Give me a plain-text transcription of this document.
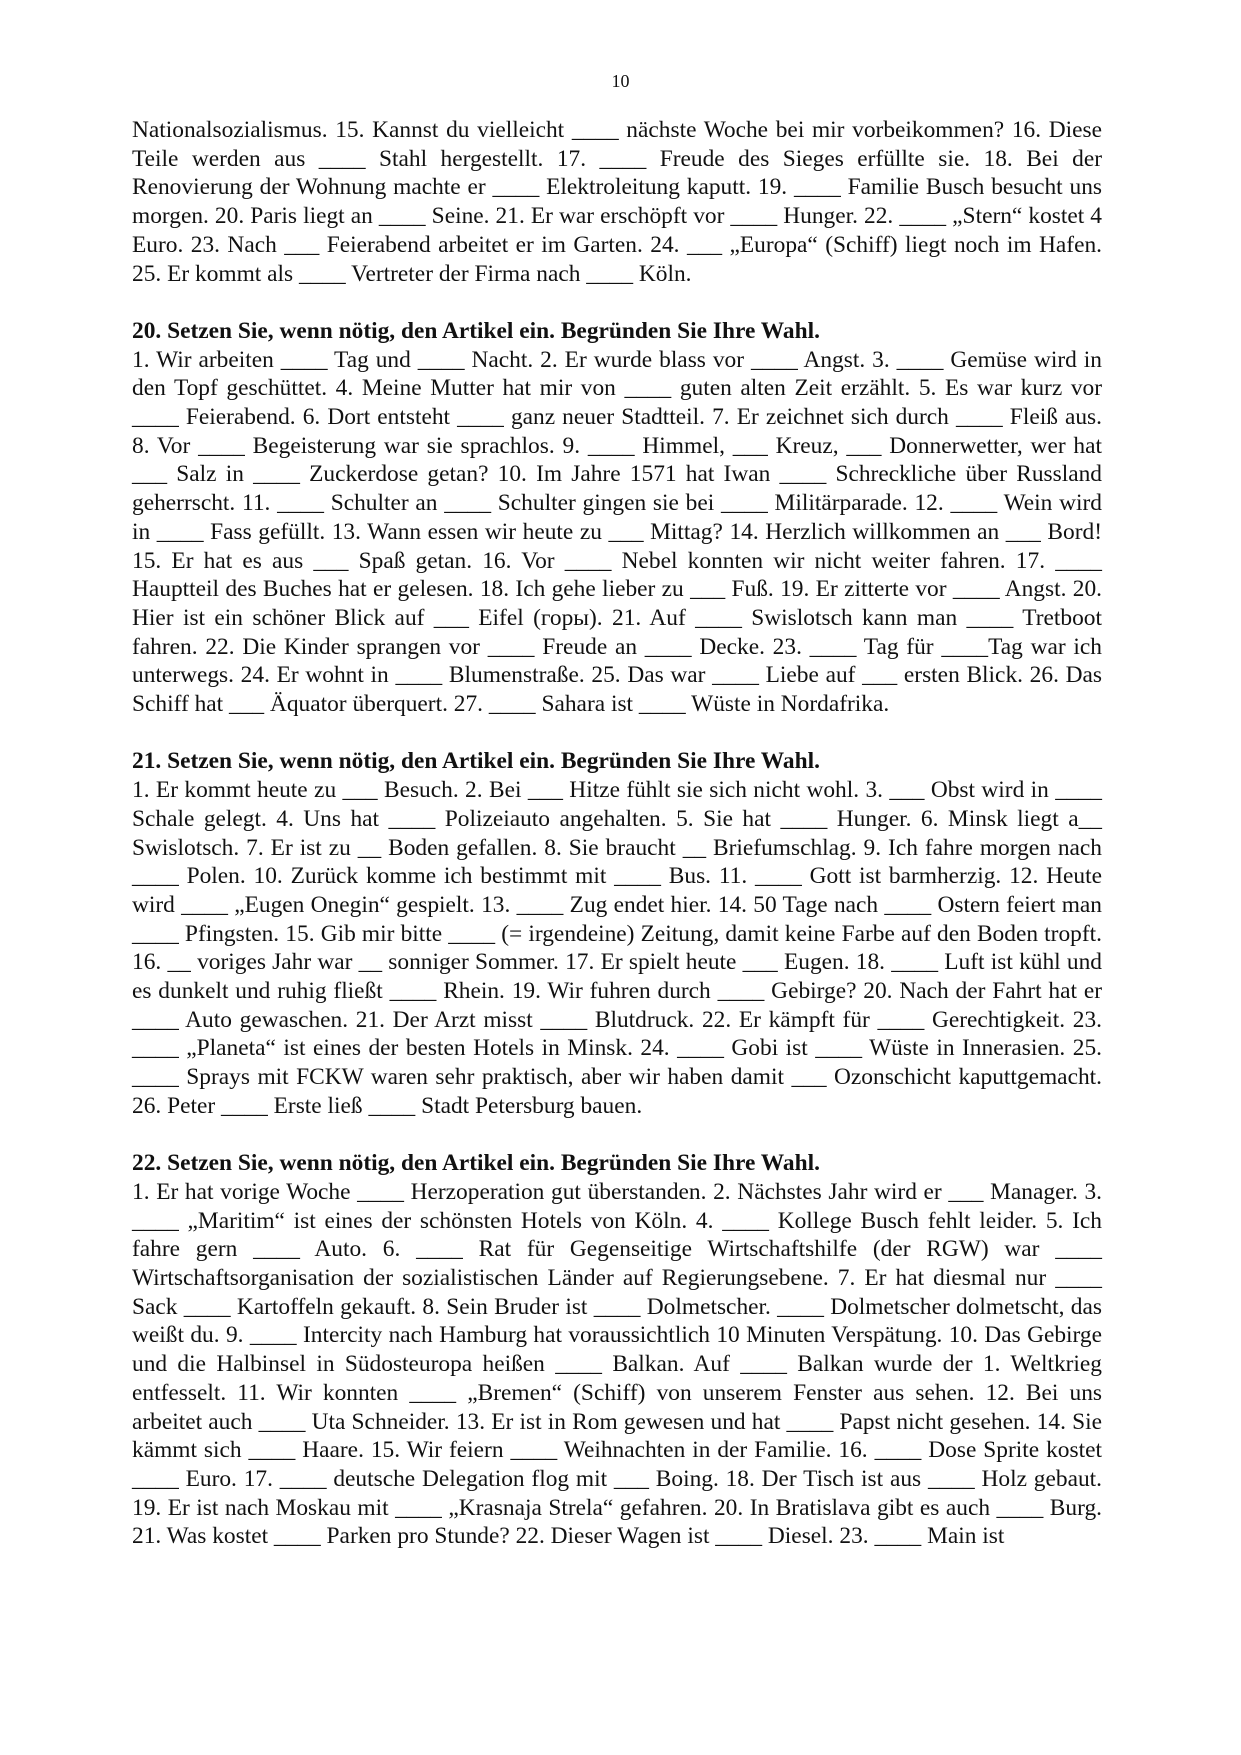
10

Nationalsozialismus. 15. Kannst du vielleicht ____ nächste Woche bei mir vorbeikommen? 16. Diese Teile werden aus ____ Stahl hergestellt. 17. ____ Freude des Sieges erfüllte sie. 18. Bei der Renovierung der Wohnung machte er ____ Elektroleitung kaputt. 19. ____ Familie Busch besucht uns morgen. 20. Paris liegt an ____ Seine. 21. Er war erschöpft vor ____ Hunger. 22. ____ „Stern“ kostet 4 Euro. 23. Nach ___ Feierabend arbeitet er im Garten. 24. ___ „Europa“ (Schiff) liegt noch im Hafen. 25. Er kommt als ____ Vertreter der Firma nach ____ Köln.

20. Setzen Sie, wenn nötig, den Artikel ein. Begründen Sie Ihre Wahl.

1. Wir arbeiten ____ Tag und ____ Nacht. 2. Er wurde blass vor ____ Angst. 3. ____ Gemüse wird in den Topf geschüttet. 4. Meine Mutter hat mir von ____ guten alten Zeit erzählt. 5. Es war kurz vor ____ Feierabend. 6. Dort entsteht ____ ganz neuer Stadtteil. 7. Er zeichnet sich durch ____ Fleiß aus. 8. Vor ____ Begeisterung war sie sprachlos. 9. ____ Himmel, ___ Kreuz, ___ Donnerwetter, wer hat ___ Salz in ____ Zuckerdose getan? 10. Im Jahre 1571 hat Iwan ____ Schreckliche über Russland geherrscht. 11. ____ Schulter an ____ Schulter gingen sie bei ____ Militärparade. 12. ____ Wein wird in ____ Fass gefüllt. 13. Wann essen wir heute zu ___ Mittag? 14. Herzlich willkommen an ___ Bord! 15. Er hat es aus ___ Spaß getan. 16. Vor ____ Nebel konnten wir nicht weiter fahren. 17. ____ Hauptteil des Buches hat er gelesen. 18. Ich gehe lieber zu ___ Fuß. 19. Er zitterte vor ____ Angst. 20. Hier ist ein schöner Blick auf ___ Eifel (горы). 21. Auf ____ Swislotsch kann man ____ Tretboot fahren. 22. Die Kinder sprangen vor ____ Freude an ____ Decke. 23. ____ Tag für ____Tag war ich unterwegs. 24. Er wohnt in ____ Blumenstraße. 25. Das war ____ Liebe auf ___ ersten Blick. 26. Das Schiff hat ___ Äquator überquert. 27. ____ Sahara ist ____ Wüste in Nordafrika.

21. Setzen Sie, wenn nötig, den Artikel ein. Begründen Sie Ihre Wahl.

1. Er kommt heute zu ___ Besuch. 2. Bei ___ Hitze fühlt sie sich nicht wohl. 3. ___ Obst wird in ____ Schale gelegt. 4. Uns hat ____ Polizeiauto angehalten. 5. Sie hat ____ Hunger. 6. Minsk liegt a__ Swislotsch. 7. Er ist zu __ Boden gefallen. 8. Sie braucht __ Briefumschlag. 9. Ich fahre morgen nach ____ Polen. 10. Zurück komme ich bestimmt mit ____ Bus. 11. ____ Gott ist barmherzig. 12. Heute wird ____ „Eugen Onegin“ gespielt. 13. ____ Zug endet hier. 14. 50 Tage nach ____ Ostern feiert man ____ Pfingsten. 15. Gib mir bitte ____ (= irgendeine) Zeitung, damit keine Farbe auf den Boden tropft. 16. __ voriges Jahr war __ sonniger Sommer. 17. Er spielt heute ___ Eugen. 18. ____ Luft ist kühl und es dunkelt und ruhig fließt ____ Rhein. 19. Wir fuhren durch ____ Gebirge? 20. Nach der Fahrt hat er ____ Auto gewaschen. 21. Der Arzt misst ____ Blutdruck. 22. Er kämpft für ____ Gerechtigkeit. 23. ____ „Planeta“ ist eines der besten Hotels in Minsk. 24. ____ Gobi ist ____ Wüste in Innerasien. 25. ____ Sprays mit FCKW waren sehr praktisch, aber wir haben damit ___ Ozonschicht kaputtgemacht. 26. Peter ____ Erste ließ ____ Stadt Petersburg bauen.

22. Setzen Sie, wenn nötig, den Artikel ein. Begründen Sie Ihre Wahl.

1. Er hat vorige Woche ____ Herzoperation gut überstanden. 2. Nächstes Jahr wird er ___ Manager. 3. ____ „Maritim“ ist eines der schönsten Hotels von Köln. 4. ____ Kollege Busch fehlt leider. 5. Ich fahre gern ____ Auto. 6. ____ Rat für Gegenseitige Wirtschaftshilfe (der RGW) war ____ Wirtschaftsorganisation der sozialistischen Länder auf Regierungsebene. 7. Er hat diesmal nur ____ Sack ____ Kartoffeln gekauft. 8. Sein Bruder ist ____ Dolmetscher. ____ Dolmetscher dolmetscht, das weißt du. 9. ____ Intercity nach Hamburg hat voraussichtlich 10 Minuten Verspätung. 10. Das Gebirge und die Halbinsel in Südosteuropa heißen ____ Balkan. Auf ____ Balkan wurde der 1. Weltkrieg entfesselt. 11. Wir konnten ____ „Bremen“ (Schiff) von unserem Fenster aus sehen. 12. Bei uns arbeitet auch ____ Uta Schneider. 13. Er ist in Rom gewesen und hat ____ Papst nicht gesehen. 14. Sie kämmt sich ____ Haare. 15. Wir feiern ____ Weihnachten in der Familie. 16. ____ Dose Sprite kostet ____ Euro. 17. ____ deutsche Delegation flog mit ___ Boing. 18. Der Tisch ist aus ____ Holz gebaut. 19. Er ist nach Moskau mit ____ „Krasnaja Strela“ gefahren. 20. In Bratislava gibt es auch ____ Burg. 21. Was kostet ____ Parken pro Stunde? 22. Dieser Wagen ist ____ Diesel. 23. ____ Main ist
